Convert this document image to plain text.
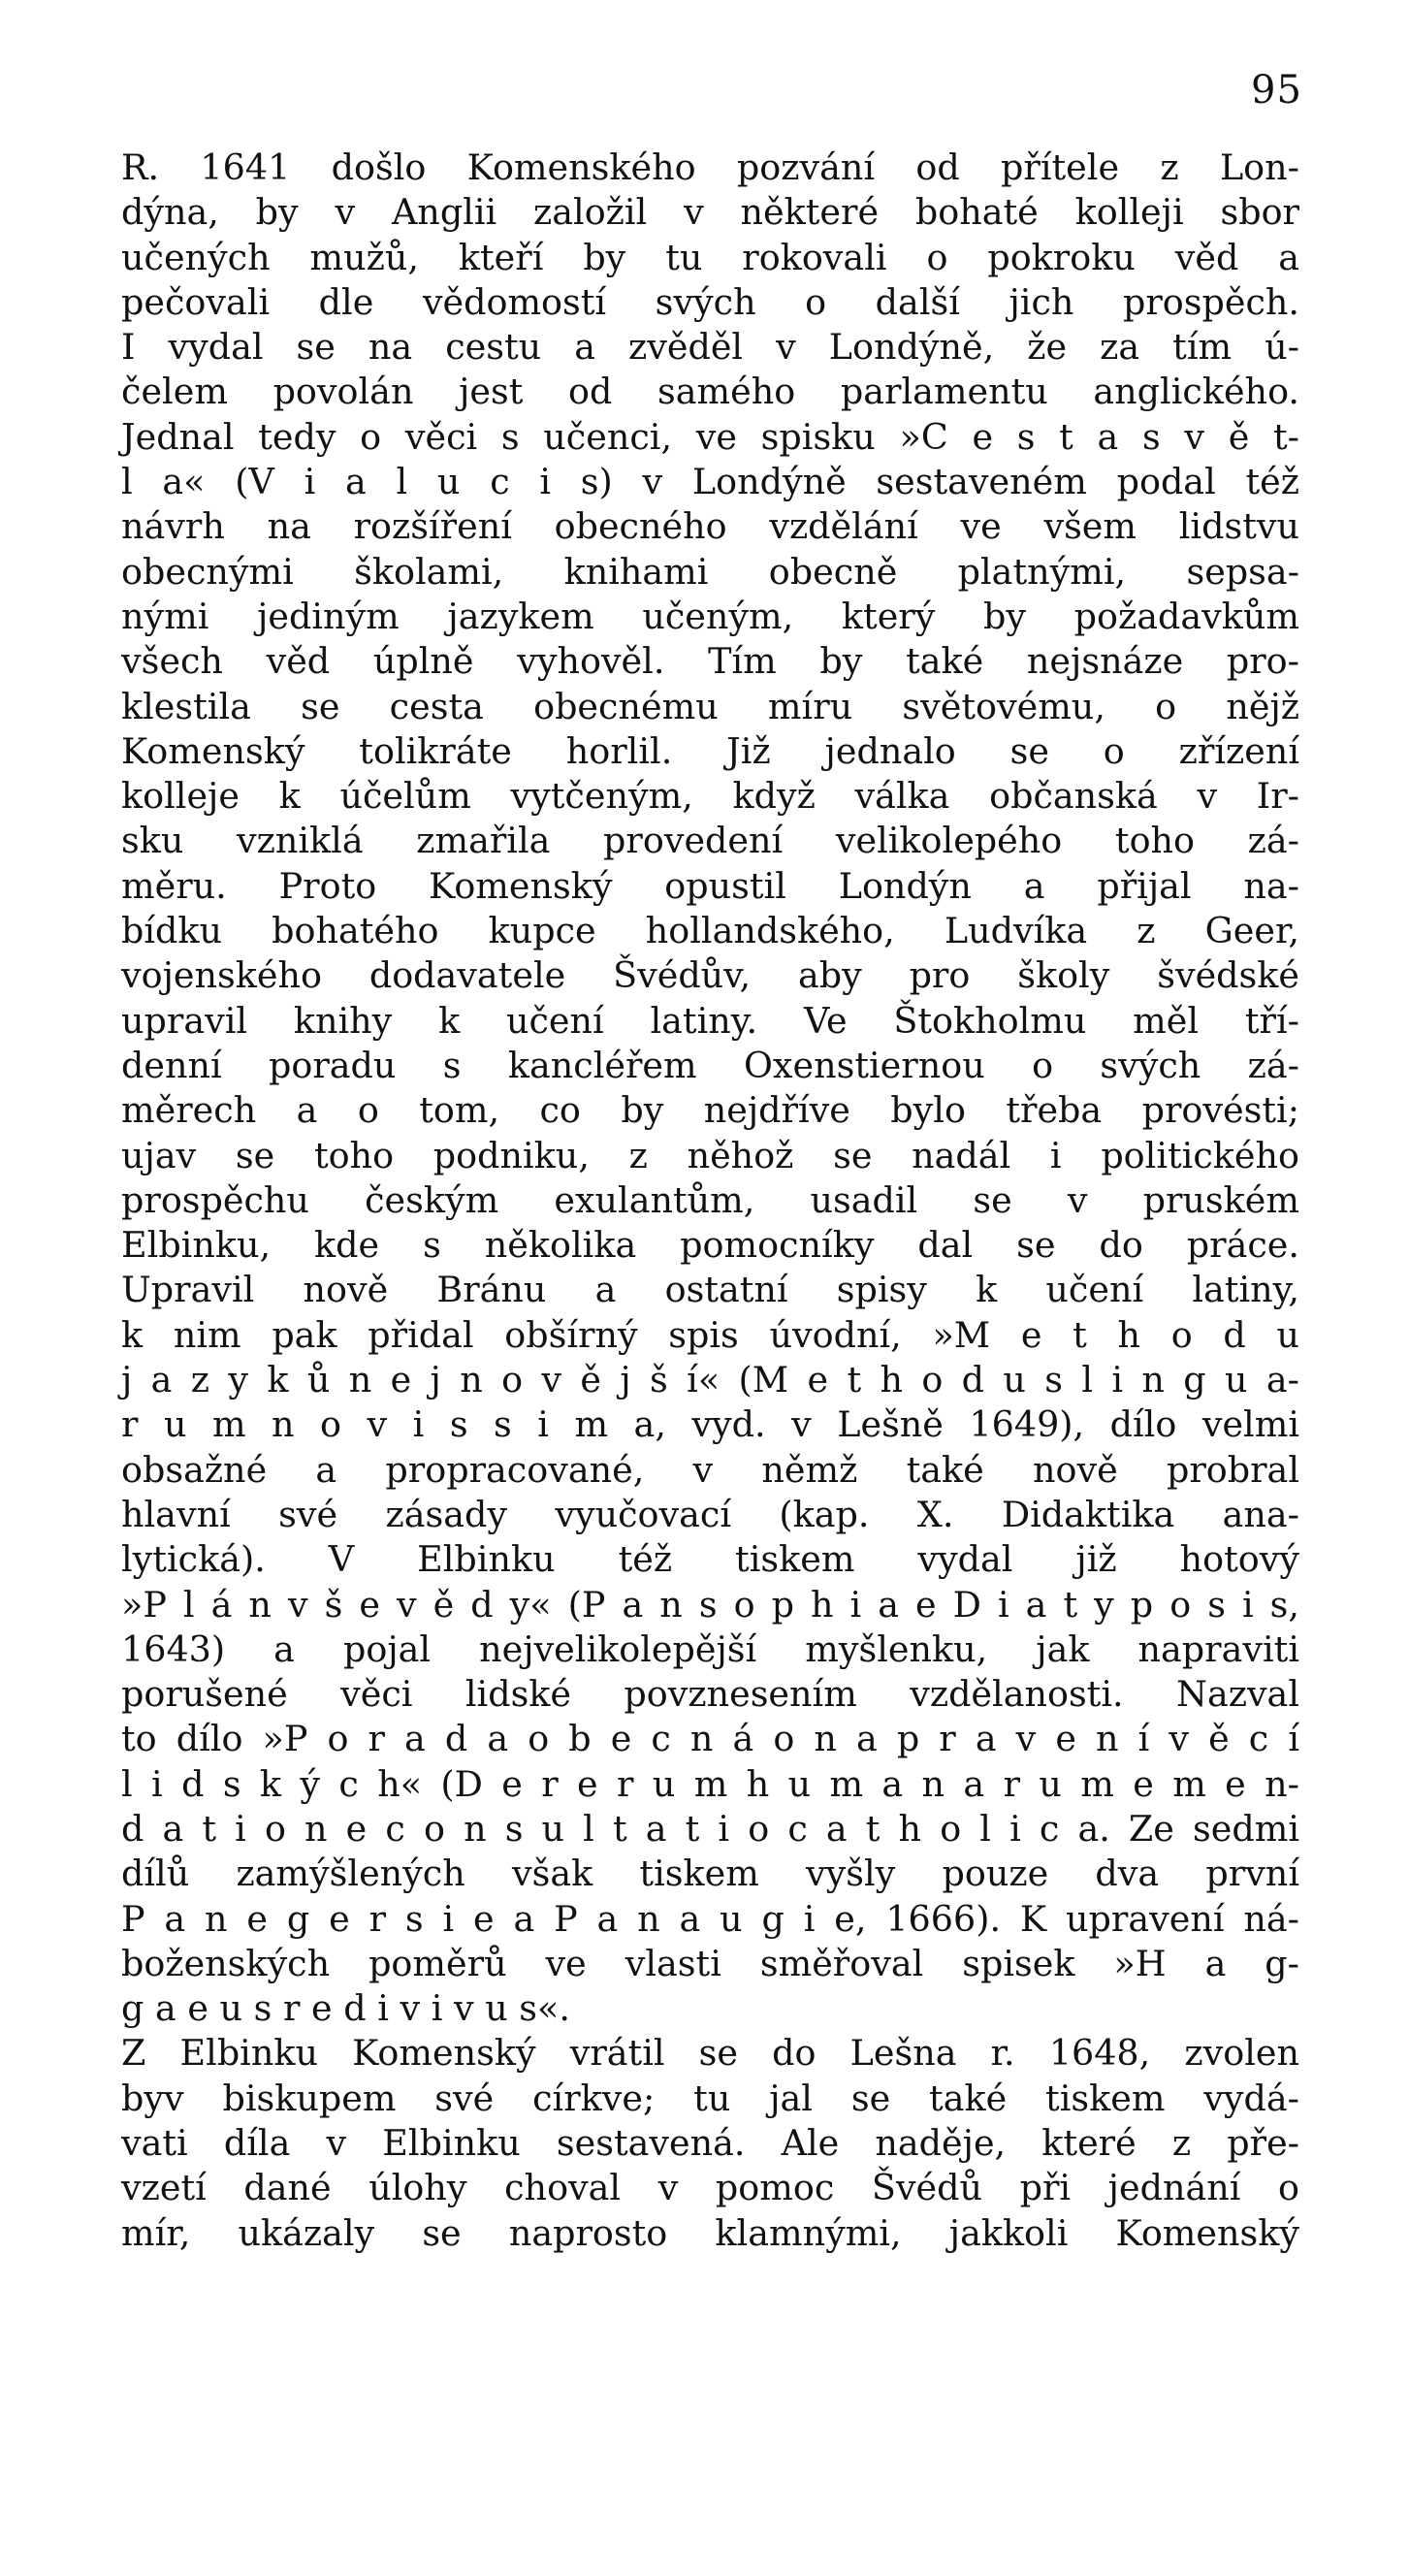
95
R. 1641 došlo Komenského pozvání od přítele z Lon-
dýna, by v Anglii založil v některé bohaté kolleji sbor
učených mužů, kteří by tu rokovali o pokroku věd a
pečovali dle vědomostí svých o další jich prospěch.
I vydal se na cestu a zvěděl v Londýně, že za tím ú-
čelem povolán jest od samého parlamentu anglického.
Jednal tedy o věci s učenci, ve spisku »C e s t a s v ě t-
l a« (V i a l u c i s) v Londýně sestaveném podal též
návrh na rozšíření obecného vzdělání ve všem lidstvu
obecnými školami, knihami obecně platnými, sepsa-
nými jediným jazykem učeným, který by požadavkům
všech věd úplně vyhověl. Tím by také nejsnáze pro-
klestila se cesta obecnému míru světovému, o nějž
Komenský tolikráte horlil. Již jednalo se o zřízení
kolleje k účelům vytčeným, když válka občanská v Ir-
sku vzniklá zmařila provedení velikolepého toho zá-
měru. Proto Komenský opustil Londýn a přijal na-
bídku bohatého kupce hollandského, Ludvíka z Geer,
vojenského dodavatele Švédův, aby pro školy švédské
upravil knihy k učení latiny. Ve Štokholmu měl tří-
denní poradu s kancléřem Oxenstiernou o svých zá-
měrech a o tom, co by nejdříve bylo třeba provésti;
ujav se toho podniku, z něhož se nadál i politického
prospěchu českým exulantům, usadil se v pruském
Elbinku, kde s několika pomocníky dal se do práce.
Upravil nově Bránu a ostatní spisy k učení latiny,
k nim pak přidal obšírný spis úvodní, »M e t h o d u
j a z y k ů n e j n o v ě j š í« (M e t h o d u s l i n g u a-
r u m n o v i s s i m a, vyd. v Lešně 1649), dílo velmi
obsažné a propracované, v němž také nově probral
hlavní své zásady vyučovací (kap. X. Didaktika ana-
lytická). V Elbinku též tiskem vydal již hotový
»P l á n v š e v ě d y« (P a n s o p h i a e D i a t y p o s i s,
1643) a pojal nejvelikolepější myšlenku, jak napraviti
porušené věci lidské povznesením vzdělanosti. Nazval
to dílo »P o r a d a o b e c n á o n a p r a v e n í v ě c í
l i d s k ý c h« (D e r e r u m h u m a n a r u m e m e n-
d a t i o n e c o n s u l t a t i o c a t h o l i c a. Ze sedmi
dílů zamýšlených však tiskem vyšly pouze dva první
P a n e g e r s i e a P a n a u g i e, 1666). K upravení ná-
boženských poměrů ve vlasti směřoval spisek »H a g-
g a e u s r e d i v i v u s«.
Z Elbinku Komenský vrátil se do Lešna r. 1648, zvolen
byv biskupem své církve; tu jal se také tiskem vydá-
vati díla v Elbinku sestavená. Ale naděje, které z pře-
vzetí dané úlohy choval v pomoc Švédů při jednání o
mír, ukázaly se naprosto klamnými, jakkoli Komenský
